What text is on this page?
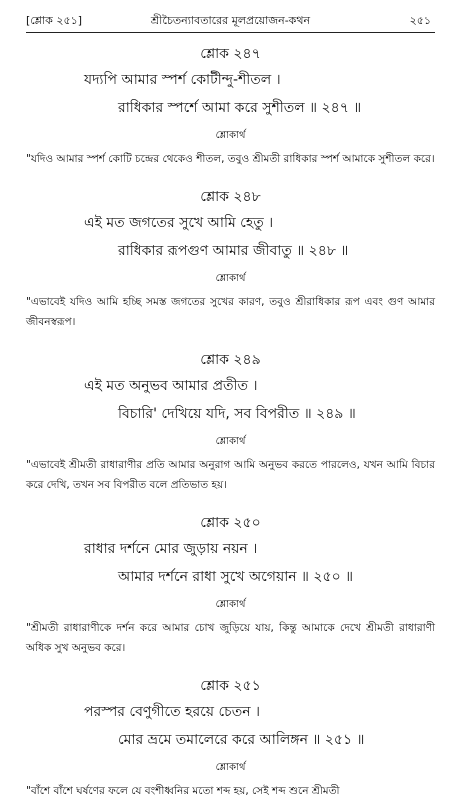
[শ্লোক ২৫১]	শ্রীচৈতন্যাবতারের মূলপ্রয়োজন-কথন	২৫১
শ্লোক ২৪৭
যদ্যপি আমার স্পর্শ কোটীন্দু-শীতল ।
রাধিকার স্পর্শে আমা করে সুশীতল ॥ ২৪৭ ॥
শ্লোকার্থ
"যদিও আমার স্পর্শ কোটি চন্দ্রের থেকেও শীতল, তবুও শ্রীমতী রাধিকার স্পর্শ আমাকে সুশীতল করে।
শ্লোক ২৪৮
এই মত জগতের সুখে আমি হেতু ।
রাধিকার রূপগুণ আমার জীবাতু ॥ ২৪৮ ॥
শ্লোকার্থ
"এভাবেই যদিও আমি হচ্ছি সমস্ত জগতের সুখের কারণ, তবুও শ্রীরাধিকার রূপ এবং গুণ আমার জীবনস্বরূপ।
শ্লোক ২৪৯
এই মত অনুভব আমার প্রতীত ।
বিচারি' দেখিয়ে যদি, সব বিপরীত ॥ ২৪৯ ॥
শ্লোকার্থ
"এভাবেই শ্রীমতী রাধারাণীর প্রতি আমার অনুরাগ আমি অনুভব করতে পারলেও, যখন আমি বিচার করে দেখি, তখন সব বিপরীত বলে প্রতিভাত হয়।
শ্লোক ২৫০
রাধার দর্শনে মোর জুড়ায় নয়ন ।
আমার দর্শনে রাধা সুখে অগেয়ান ॥ ২৫০ ॥
শ্লোকার্থ
"শ্রীমতী রাধারাণীকে দর্শন করে আমার চোখ জুড়িয়ে যায়, কিন্তু আমাকে দেখে শ্রীমতী রাধারাণী অধিক সুখ অনুভব করে।
শ্লোক ২৫১
পরস্পর বেণুগীতে হরয়ে চেতন ।
মোর ভ্রমে তমালেরে করে আলিঙ্গন ॥ ২৫১ ॥
শ্লোকার্থ
"বাঁশে বাঁশে ঘর্ষণের ফলে যে বংশীধ্বনির মতো শব্দ হয়, সেই শব্দ শুনে শ্রীমতী
